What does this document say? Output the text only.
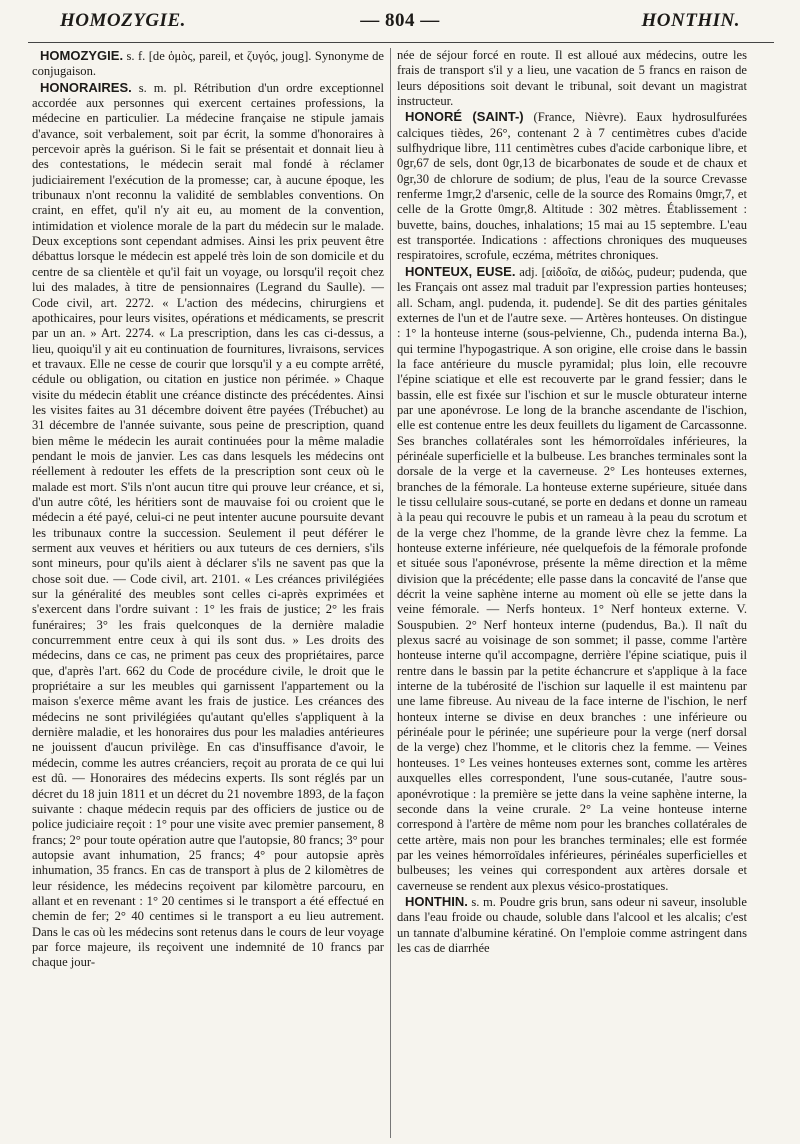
HOMOZYGIE.	— 804 —	HONTHIN.

HOMOZYGIE. s. f. [de ὁμὸς, pareil, et ζυγός, joug]. Synonyme de conjugaison.

HONORAIRES. s. m. pl. Rétribution d'un ordre exceptionnel accordée aux personnes qui exercent certaines professions, la médecine en particulier. La médecine française ne stipule jamais d'avance, soit verbalement, soit par écrit, la somme d'honoraires à percevoir après la guérison. Si le fait se présentait et donnait lieu à des contestations, le médecin serait mal fondé à réclamer judiciairement l'exécution de la promesse; car, à aucune époque, les tribunaux n'ont reconnu la validité de semblables conventions. On craint, en effet, qu'il n'y ait eu, au moment de la convention, intimidation et violence morale de la part du médecin sur le malade. Deux exceptions sont cependant admises. Ainsi les prix peuvent être débattus lorsque le médecin est appelé très loin de son domicile et du centre de sa clientèle et qu'il fait un voyage, ou lorsqu'il reçoit chez lui des malades, à titre de pensionnaires (Legrand du Saulle). — Code civil, art. 2272. « L'action des médecins, chirurgiens et apothicaires, pour leurs visites, opérations et médicaments, se prescrit par un an. » Art. 2274. « La prescription, dans les cas ci-dessus, a lieu, quoiqu'il y ait eu continuation de fournitures, livraisons, services et travaux. Elle ne cesse de courir que lorsqu'il y a eu compte arrêté, cédule ou obligation, ou citation en justice non périmée. » Chaque visite du médecin établit une créance distincte des précédentes. Ainsi les visites faites au 31 décembre doivent être payées (Trébuchet) au 31 décembre de l'année suivante, sous peine de prescription, quand bien même le médecin les aurait continuées pour la même maladie pendant le mois de janvier. Les cas dans lesquels les médecins ont réellement à redouter les effets de la prescription sont ceux où le malade est mort. S'ils n'ont aucun titre qui prouve leur créance, et si, d'un autre côté, les héritiers sont de mauvaise foi ou croient que le médecin a été payé, celui-ci ne peut intenter aucune poursuite devant les tribunaux contre la succession. Seulement il peut déférer le serment aux veuves et héritiers ou aux tuteurs de ces derniers, s'ils sont mineurs, pour qu'ils aient à déclarer s'ils ne savent pas que la chose soit due. — Code civil, art. 2101. « Les créances privilégiées sur la généralité des meubles sont celles ci-après exprimées et s'exercent dans l'ordre suivant : 1° les frais de justice; 2° les frais funéraires; 3° les frais quelconques de la dernière maladie concurremment entre ceux à qui ils sont dus. » Les droits des médecins, dans ce cas, ne priment pas ceux des propriétaires, parce que, d'après l'art. 662 du Code de procédure civile, le droit que le propriétaire a sur les meubles qui garnissent l'appartement ou la maison s'exerce même avant les frais de justice. Les créances des médecins ne sont privilégiées qu'autant qu'elles s'appliquent à la dernière maladie, et les honoraires dus pour les maladies antérieures ne jouissent d'aucun privilège. En cas d'insuffisance d'avoir, le médecin, comme les autres créanciers, reçoit au prorata de ce qui lui est dû. — Honoraires des médecins experts. Ils sont réglés par un décret du 18 juin 1811 et un décret du 21 novembre 1893, de la façon suivante : chaque médecin requis par des officiers de justice ou de police judiciaire reçoit : 1° pour une visite avec premier pansement, 8 francs; 2° pour toute opération autre que l'autopsie, 80 francs; 3° pour autopsie avant inhumation, 25 francs; 4° pour autopsie après inhumation, 35 francs. En cas de transport à plus de 2 kilomètres de leur résidence, les médecins reçoivent par kilomètre parcouru, en allant et en revenant : 1° 20 centimes si le transport a été effectué en chemin de fer; 2° 40 centimes si le transport a eu lieu autrement. Dans le cas où les médecins sont retenus dans le cours de leur voyage par force majeure, ils reçoivent une indemnité de 10 francs par chaque jour-

née de séjour forcé en route. Il est alloué aux médecins, outre les frais de transport s'il y a lieu, une vacation de 5 francs en raison de leurs dépositions soit devant le tribunal, soit devant un magistrat instructeur.

HONORÉ (SAINT-) (France, Nièvre). Eaux hydrosulfurées calciques tièdes, 26°, contenant 2 à 7 centimètres cubes d'acide sulfhydrique libre, 111 centimètres cubes d'acide carbonique libre, et 0gr,67 de sels, dont 0gr,13 de bicarbonates de soude et de chaux et 0gr,30 de chlorure de sodium; de plus, l'eau de la source Crevasse renferme 1mgr,2 d'arsenic, celle de la source des Romains 0mgr,7, et celle de la Grotte 0mgr,8. Altitude : 302 mètres. Établissement : buvette, bains, douches, inhalations; 15 mai au 15 septembre. L'eau est transportée. Indications : affections chroniques des muqueuses respiratoires, scrofule, eczéma, métrites chroniques.

HONTEUX, EUSE. adj. [αἰδοῖα, de αἰδώς, pudeur; pudenda, que les Français ont assez mal traduit par l'expression parties honteuses; all. Scham, angl. pudenda, it. pudende]. Se dit des parties génitales externes de l'un et de l'autre sexe. — Artères honteuses. On distingue : 1° la honteuse interne (sous-pelvienne, Ch., pudenda interna Ba.), qui termine l'hypogastrique. A son origine, elle croise dans le bassin la face antérieure du muscle pyramidal; plus loin, elle recouvre l'épine sciatique et elle est recouverte par le grand fessier; dans le bassin, elle est fixée sur l'ischion et sur le muscle obturateur interne par une aponévrose. Le long de la branche ascendante de l'ischion, elle est contenue entre les deux feuillets du ligament de Carcassonne. Ses branches collatérales sont les hémorroïdales inférieures, la périnéale superficielle et la bulbeuse. Les branches terminales sont la dorsale de la verge et la caverneuse. 2° Les honteuses externes, branches de la fémorale. La honteuse externe supérieure, située dans le tissu cellulaire sous-cutané, se porte en dedans et donne un rameau à la peau qui recouvre le pubis et un rameau à la peau du scrotum et de la verge chez l'homme, de la grande lèvre chez la femme. La honteuse externe inférieure, née quelquefois de la fémorale profonde et située sous l'aponévrose, présente la même direction et la même division que la précédente; elle passe dans la concavité de l'anse que décrit la veine saphène interne au moment où elle se jette dans la veine fémorale. — Nerfs honteux. 1° Nerf honteux externe. V. Souspubien. 2° Nerf honteux interne (pudendus, Ba.). Il naît du plexus sacré au voisinage de son sommet; il passe, comme l'artère honteuse interne qu'il accompagne, derrière l'épine sciatique, puis il rentre dans le bassin par la petite échancrure et s'applique à la face interne de la tubérosité de l'ischion sur laquelle il est maintenu par une lame fibreuse. Au niveau de la face interne de l'ischion, le nerf honteux interne se divise en deux branches : une inférieure ou périnéale pour le périnée; une supérieure pour la verge (nerf dorsal de la verge) chez l'homme, et le clitoris chez la femme. — Veines honteuses. 1° Les veines honteuses externes sont, comme les artères auxquelles elles correspondent, l'une sous-cutanée, l'autre sous-aponévrotique : la première se jette dans la veine saphène interne, la seconde dans la veine crurale. 2° La veine honteuse interne correspond à l'artère de même nom pour les branches collatérales de cette artère, mais non pour les branches terminales; elle est formée par les veines hémorroïdales inférieures, périnéales superficielles et bulbeuses; les veines qui correspondent aux artères dorsale et caverneuse se rendent aux plexus vésico-prostatiques.

HONTHIN. s. m. Poudre gris brun, sans odeur ni saveur, insoluble dans l'eau froide ou chaude, soluble dans l'alcool et les alcalis; c'est un tannate d'albumine kératiné. On l'emploie comme astringent dans les cas de diarrhée
